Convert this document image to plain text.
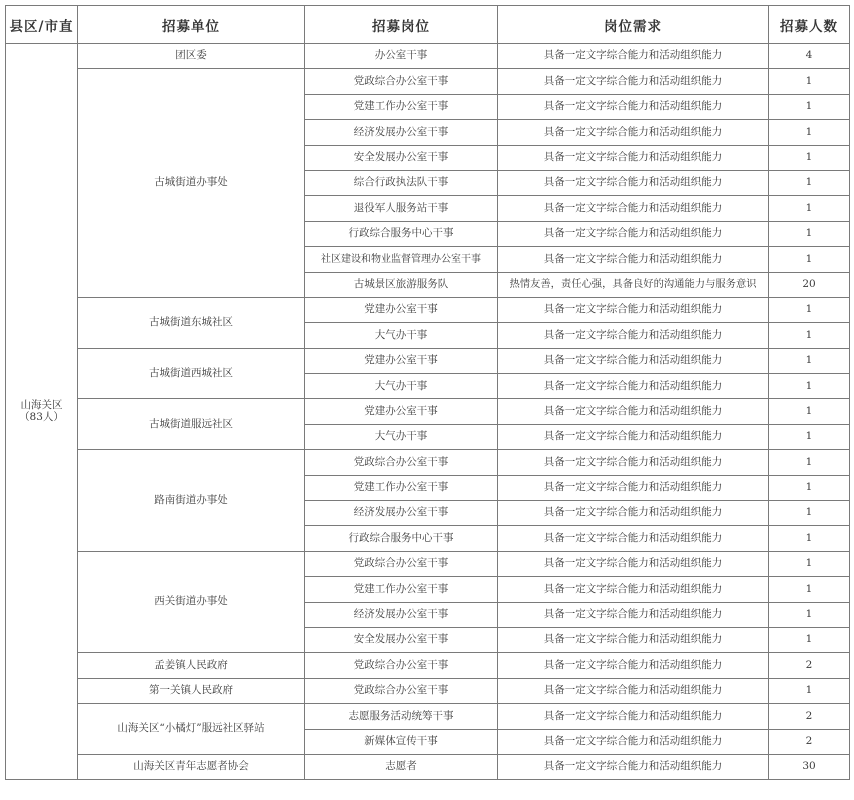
县区/市直	招募单位	招募岗位	岗位需求	招募人数

山海关区
（83人）	团区委	办公室干事	具备一定文字综合能力和活动组织能力	4
	古城街道办事处	党政综合办公室干事	具备一定文字综合能力和活动组织能力	1
		党建工作办公室干事	具备一定文字综合能力和活动组织能力	1
		经济发展办公室干事	具备一定文字综合能力和活动组织能力	1
		安全发展办公室干事	具备一定文字综合能力和活动组织能力	1
		综合行政执法队干事	具备一定文字综合能力和活动组织能力	1
		退役军人服务站干事	具备一定文字综合能力和活动组织能力	1
		行政综合服务中心干事	具备一定文字综合能力和活动组织能力	1
		社区建设和物业监督管理办公室干事	具备一定文字综合能力和活动组织能力	1
		古城景区旅游服务队	热情友善，责任心强，具备良好的沟通能力与服务意识	20
	古城街道东城社区	党建办公室干事	具备一定文字综合能力和活动组织能力	1
		大气办干事	具备一定文字综合能力和活动组织能力	1
	古城街道西城社区	党建办公室干事	具备一定文字综合能力和活动组织能力	1
		大气办干事	具备一定文字综合能力和活动组织能力	1
	古城街道服远社区	党建办公室干事	具备一定文字综合能力和活动组织能力	1
		大气办干事	具备一定文字综合能力和活动组织能力	1
	路南街道办事处	党政综合办公室干事	具备一定文字综合能力和活动组织能力	1
		党建工作办公室干事	具备一定文字综合能力和活动组织能力	1
		经济发展办公室干事	具备一定文字综合能力和活动组织能力	1
		行政综合服务中心干事	具备一定文字综合能力和活动组织能力	1
	西关街道办事处	党政综合办公室干事	具备一定文字综合能力和活动组织能力	1
		党建工作办公室干事	具备一定文字综合能力和活动组织能力	1
		经济发展办公室干事	具备一定文字综合能力和活动组织能力	1
		安全发展办公室干事	具备一定文字综合能力和活动组织能力	1
	孟姜镇人民政府	党政综合办公室干事	具备一定文字综合能力和活动组织能力	2
	第一关镇人民政府	党政综合办公室干事	具备一定文字综合能力和活动组织能力	1
	山海关区“小橘灯”服远社区驿站	志愿服务活动统筹干事	具备一定文字综合能力和活动组织能力	2
		新媒体宣传干事	具备一定文字综合能力和活动组织能力	2
	山海关区青年志愿者协会	志愿者	具备一定文字综合能力和活动组织能力	30
